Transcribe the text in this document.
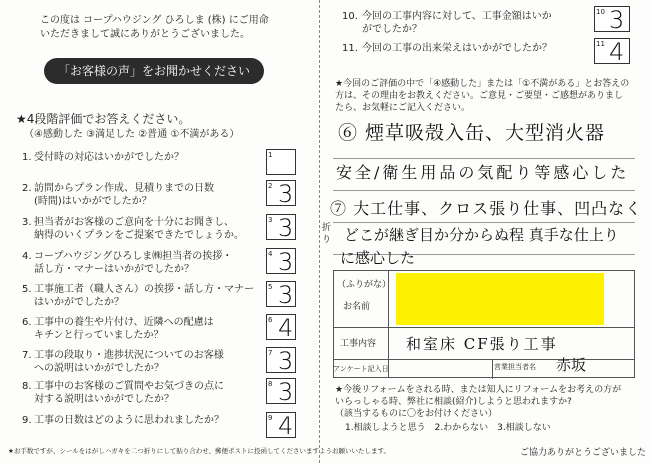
この度は コープハウジング ひろしま (株) にご用命
いただきまして誠にありがとうございました。
「お客様の声」をお聞かせください
★4段階評価でお答えください。
（④感動した ③満足した ②普通 ①不満がある）
1. 受付時の対応はいかがでしたか？	1
2. 訪問からプラン作成、見積りまでの日数
(時間)はいかがでしたか？
2 3
3. 担当者がお客様のご意向を十分にお聞きし、
納得のいくプランをご提案できたでしょうか。
3 3
4. コープハウジングひろしま㈱担当者の挨拶・
話し方・マナーはいかがでしたか？
4 3
5. 工事施工者（職人さん）の挨拶・話し方・マナー
はいかがでしたか？
5 3
6. 工事中の養生や片付け、近隣への配慮は
キチンと行っていましたか？
6 4
7. 工事の段取り・進捗状況についてのお客様
への説明はいかがでしたか？
7 3
8. 工事中のお客様のご質問やお気づきの点に
対する説明はいかがでしたか？
8 3
9. 工事の日数はどのように思われましたか？	9 4
折り
10. 今回の工事内容に対して、工事金額はいか
がでしたか？
10 3
11. 今回の工事の出来栄えはいかがでしたか？	11 4
★今回のご評価の中で「④感動した」または「①不満がある」とお答えの
方は、その理由をお教えください。ご意見・ご要望・ご感想がありまし
たら、お気軽にご記入ください。
⑥ 煙草吸殻入缶、大型消火器
安全/衛生用品の気配り等感心した
⑦ 大工仕事、クロス張り仕事、凹凸なく
どこが継ぎ目か分からぬ程 真手な仕上り
に感心した
（ふりがな）
お名前
工事内容 和室床 CF張り工事
アンケート記入日	営業担当者名 赤坂
★今後リフォームをされる時、または知人にリフォームをお考えの方が
いらっしゃる時、弊社に相談(紹介)しようと思われますか?
（該当するものに〇をお付けください）
1.相談しようと思う　2.わからない　3.相談しない
ご協力ありがとうございました
★お手数ですが、シールをはがしハガキを二つ折りにして貼り合わせ、郵便ポストに投函してくださいますようお願いいたします。
